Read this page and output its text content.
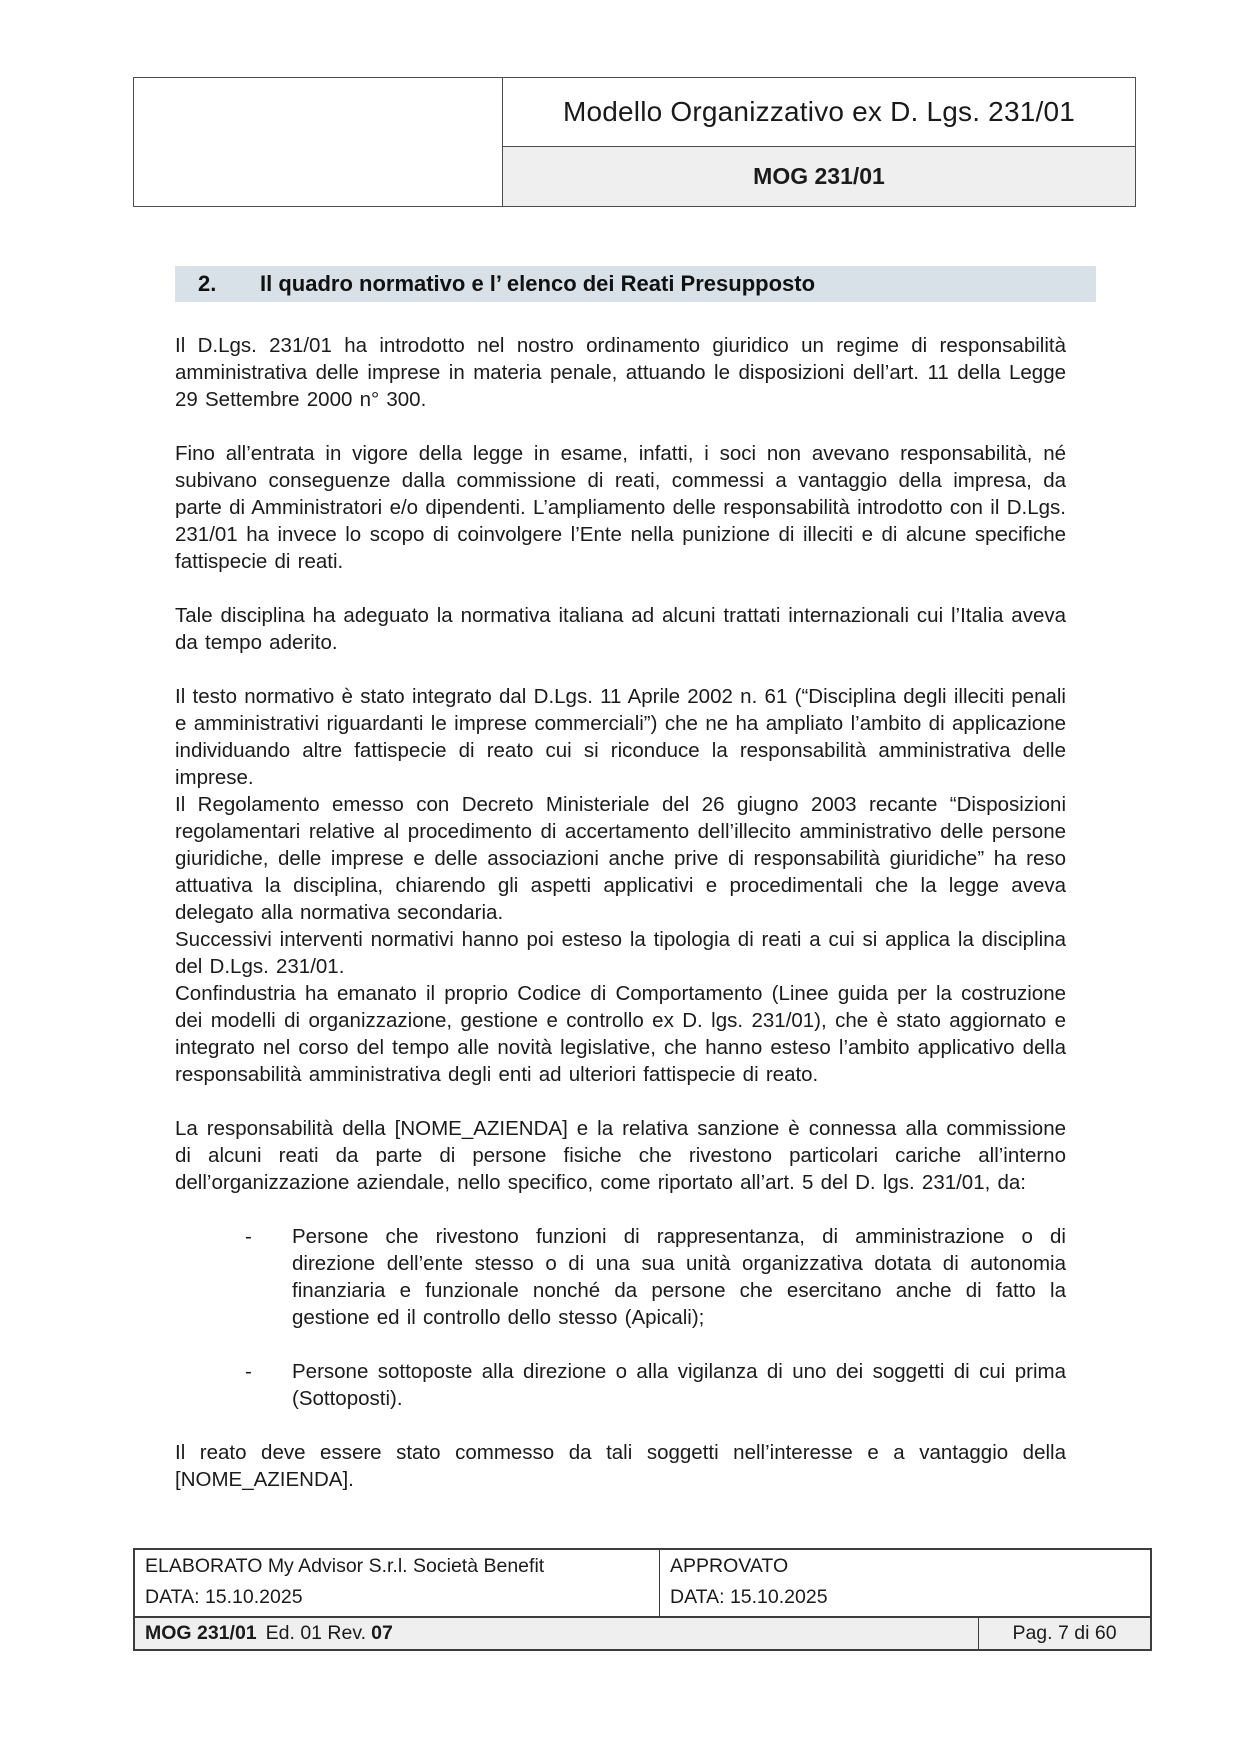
Modello Organizzativo ex D. Lgs. 231/01
MOG 231/01
2.	Il quadro normativo e l’ elenco dei Reati Presupposto

Il D.Lgs. 231/01 ha introdotto nel nostro ordinamento giuridico un regime di responsabilità amministrativa delle imprese in materia penale, attuando le disposizioni dell’art. 11 della Legge 29 Settembre 2000 n° 300.

Fino all’entrata in vigore della legge in esame, infatti, i soci non avevano responsabilità, né subivano conseguenze dalla commissione di reati, commessi a vantaggio della impresa, da parte di Amministratori e/o dipendenti. L’ampliamento delle responsabilità introdotto con il D.Lgs. 231/01 ha invece lo scopo di coinvolgere l’Ente nella punizione di illeciti e di alcune specifiche fattispecie di reati.

Tale disciplina ha adeguato la normativa italiana ad alcuni trattati internazionali cui l’Italia aveva da tempo aderito.

Il testo normativo è stato integrato dal D.Lgs. 11 Aprile 2002 n. 61 (“Disciplina degli illeciti penali e amministrativi riguardanti le imprese commerciali”) che ne ha ampliato l’ambito di applicazione individuando altre fattispecie di reato cui si riconduce la responsabilità amministrativa delle imprese.

Il Regolamento emesso con Decreto Ministeriale del 26 giugno 2003 recante “Disposizioni regolamentari relative al procedimento di accertamento dell’illecito amministrativo delle persone giuridiche, delle imprese e delle associazioni anche prive di responsabilità giuridiche” ha reso attuativa la disciplina, chiarendo gli aspetti applicativi e procedimentali che la legge aveva delegato alla normativa secondaria.

Successivi interventi normativi hanno poi esteso la tipologia di reati a cui si applica la disciplina del D.Lgs. 231/01.

Confindustria ha emanato il proprio Codice di Comportamento (Linee guida per la costruzione dei modelli di organizzazione, gestione e controllo ex D. lgs. 231/01), che è stato aggiornato e integrato nel corso del tempo alle novità legislative, che hanno esteso l’ambito applicativo della responsabilità amministrativa degli enti ad ulteriori fattispecie di reato.

La responsabilità della [NOME_AZIENDA] e la relativa sanzione è connessa alla commissione di alcuni reati da parte di persone fisiche che rivestono particolari cariche all’interno dell’organizzazione aziendale, nello specifico, come riportato all’art. 5 del D. lgs. 231/01, da:

- Persone che rivestono funzioni di rappresentanza, di amministrazione o di direzione dell’ente stesso o di una sua unità organizzativa dotata di autonomia finanziaria e funzionale nonché da persone che esercitano anche di fatto la gestione ed il controllo dello stesso (Apicali);
- Persone sottoposte alla direzione o alla vigilanza di uno dei soggetti di cui prima (Sottoposti).

Il reato deve essere stato commesso da tali soggetti nell’interesse e a vantaggio della [NOME_AZIENDA].

ELABORATO My Advisor S.r.l. Società Benefit
DATA: 15.10.2025
APPROVATO
DATA: 15.10.2025
MOG 231/01 Ed. 01 Rev. 07	Pag. 7 di 60
